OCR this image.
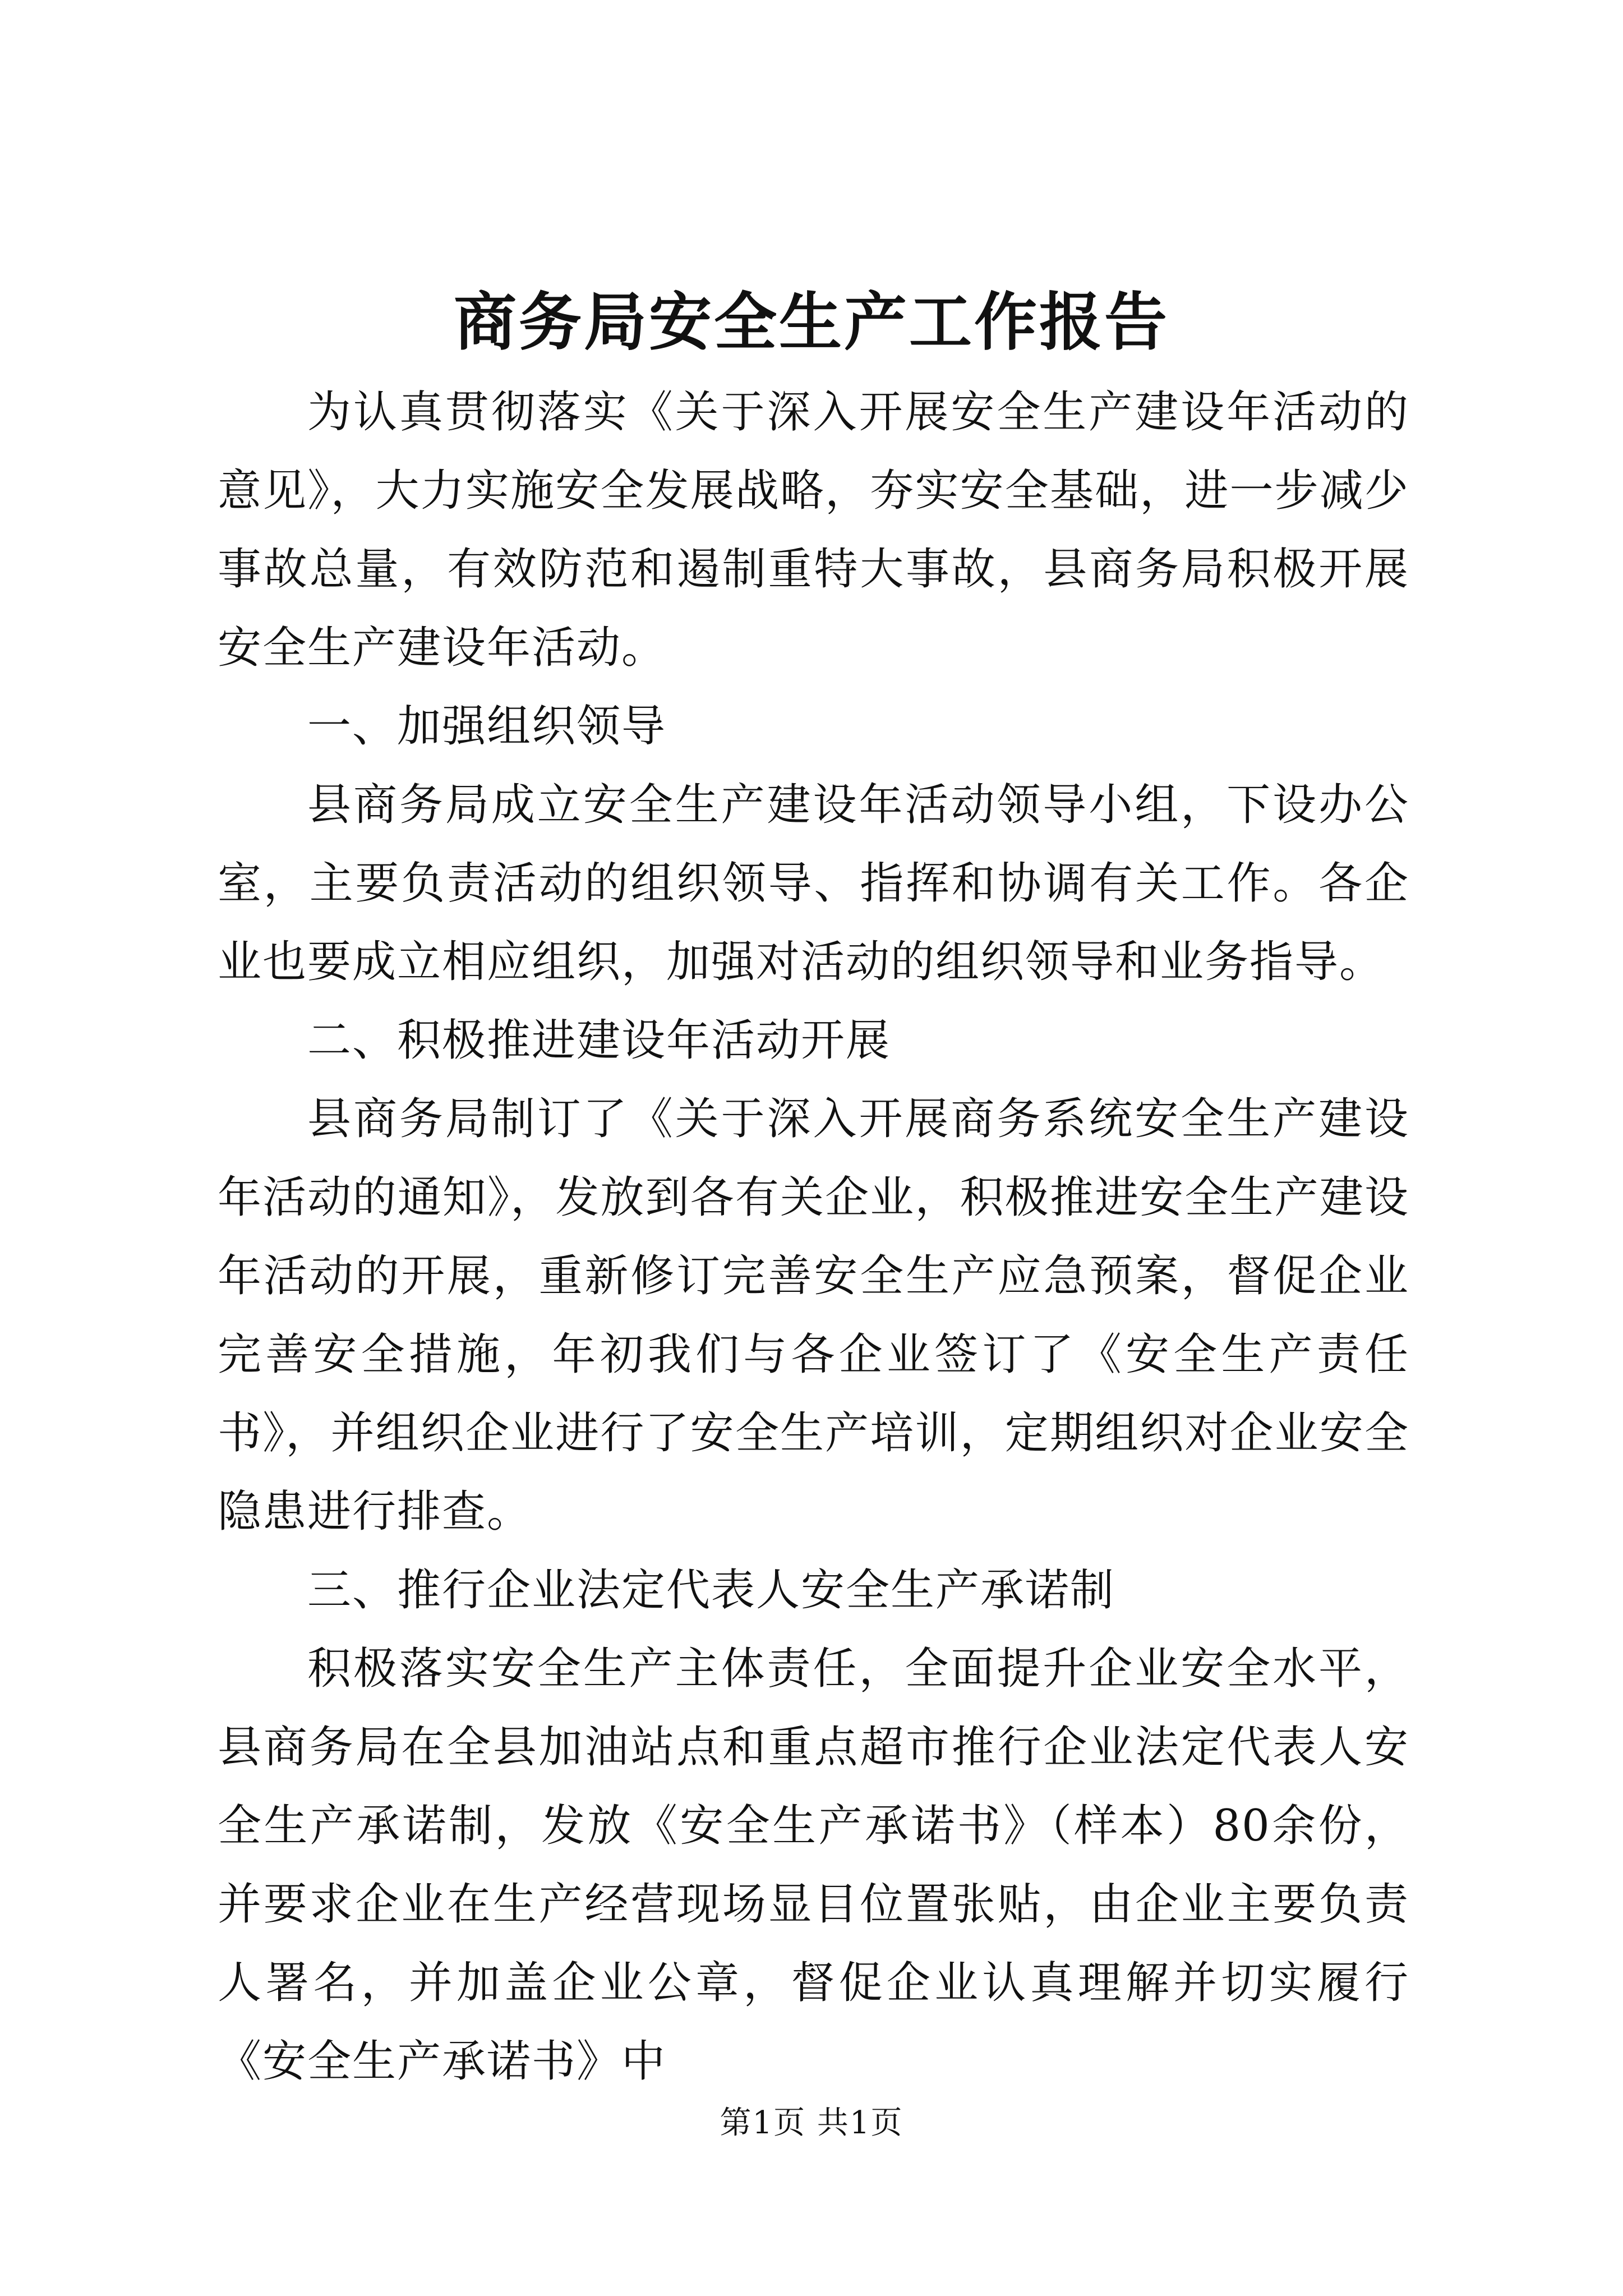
商务局安全生产工作报告

为认真贯彻落实《关于深入开展安全生产建设年活动的意见》，大力实施安全发展战略，夯实安全基础，进一步减少事故总量，有效防范和遏制重特大事故，县商务局积极开展安全生产建设年活动。

一、加强组织领导

县商务局成立安全生产建设年活动领导小组，下设办公室，主要负责活动的组织领导、指挥和协调有关工作。各企业也要成立相应组织，加强对活动的组织领导和业务指导。

二、积极推进建设年活动开展

县商务局制订了《关于深入开展商务系统安全生产建设年活动的通知》，发放到各有关企业，积极推进安全生产建设年活动的开展，重新修订完善安全生产应急预案，督促企业完善安全措施，年初我们与各企业签订了《安全生产责任书》，并组织企业进行了安全生产培训，定期组织对企业安全隐患进行排查。

三、推行企业法定代表人安全生产承诺制

积极落实安全生产主体责任，全面提升企业安全水平，县商务局在全县加油站点和重点超市推行企业法定代表人安全生产承诺制，发放《安全生产承诺书》（样本）80余份，并要求企业在生产经营现场显目位置张贴，由企业主要负责人署名，并加盖企业公章，督促企业认真理解并切实履行《安全生产承诺书》中

第1页 共1页
